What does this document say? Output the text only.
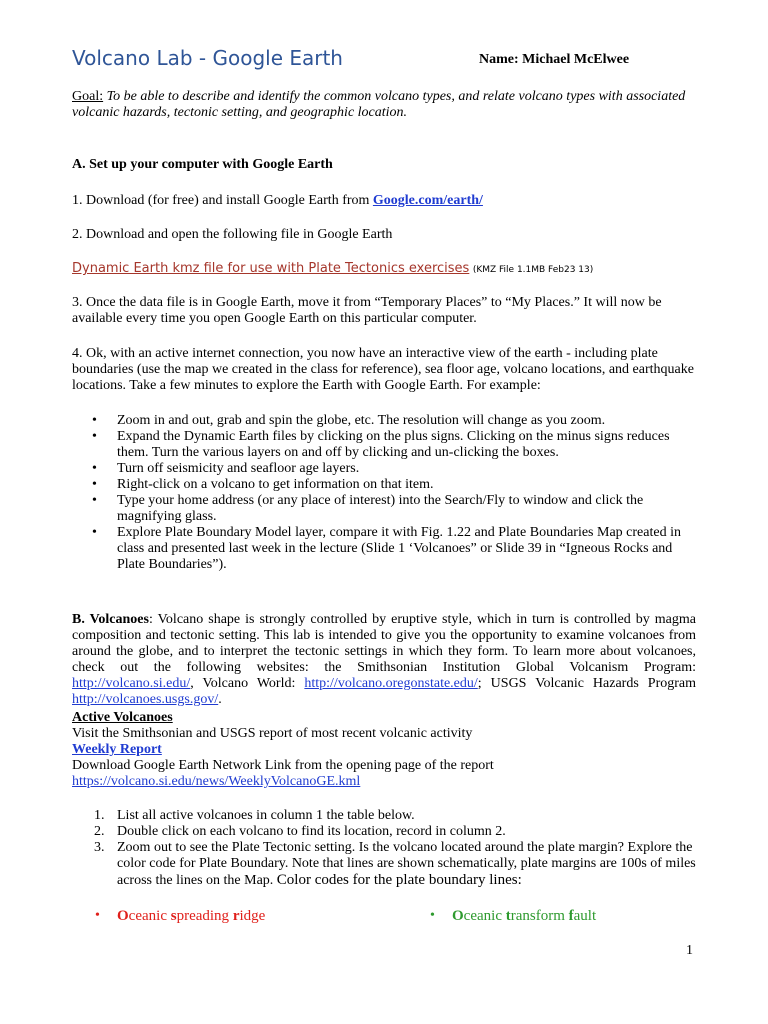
Volcano Lab - Google Earth	Name: Michael McElwee
Goal: To be able to describe and identify the common volcano types, and relate volcano types with associated volcanic hazards, tectonic setting, and geographic location.
A. Set up your computer with Google Earth
1. Download (for free) and install Google Earth from Google.com/earth/
2. Download and open the following file in Google Earth
Dynamic Earth kmz file for use with Plate Tectonics exercises (KMZ File 1.1MB Feb23 13)
3. Once the data file is in Google Earth, move it from “Temporary Places” to “My Places.” It will now be available every time you open Google Earth on this particular computer.
4. Ok, with an active internet connection, you now have an interactive view of the earth - including plate boundaries (use the map we created in the class for reference), sea floor age, volcano locations, and earthquake locations. Take a few minutes to explore the Earth with Google Earth. For example:
• Zoom in and out, grab and spin the globe, etc. The resolution will change as you zoom.
• Expand the Dynamic Earth files by clicking on the plus signs. Clicking on the minus signs reduces them. Turn the various layers on and off by clicking and un-clicking the boxes.
• Turn off seismicity and seafloor age layers.
• Right-click on a volcano to get information on that item.
• Type your home address (or any place of interest) into the Search/Fly to window and click the magnifying glass.
• Explore Plate Boundary Model layer, compare it with Fig. 1.22 and Plate Boundaries Map created in class and presented last week in the lecture (Slide 1 ‘Volcanoes” or Slide 39 in “Igneous Rocks and Plate Boundaries”).
B. Volcanoes: Volcano shape is strongly controlled by eruptive style, which in turn is controlled by magma composition and tectonic setting. This lab is intended to give you the opportunity to examine volcanoes from around the globe, and to interpret the tectonic settings in which they form. To learn more about volcanoes, check out the following websites: the Smithsonian Institution Global Volcanism Program: http://volcano.si.edu/, Volcano World: http://volcano.oregonstate.edu/; USGS Volcanic Hazards Program http://volcanoes.usgs.gov/.
Active Volcanoes
Visit the Smithsonian and USGS report of most recent volcanic activity
Weekly Report
Download Google Earth Network Link from the opening page of the report
https://volcano.si.edu/news/WeeklyVolcanoGE.kml
1. List all active volcanoes in column 1 the table below.
2. Double click on each volcano to find its location, record in column 2.
3. Zoom out to see the Plate Tectonic setting. Is the volcano located around the plate margin? Explore the color code for Plate Boundary. Note that lines are shown schematically, plate margins are 100s of miles across the lines on the Map. Color codes for the plate boundary lines:
• Oceanic spreading ridge	• Oceanic transform fault
1
